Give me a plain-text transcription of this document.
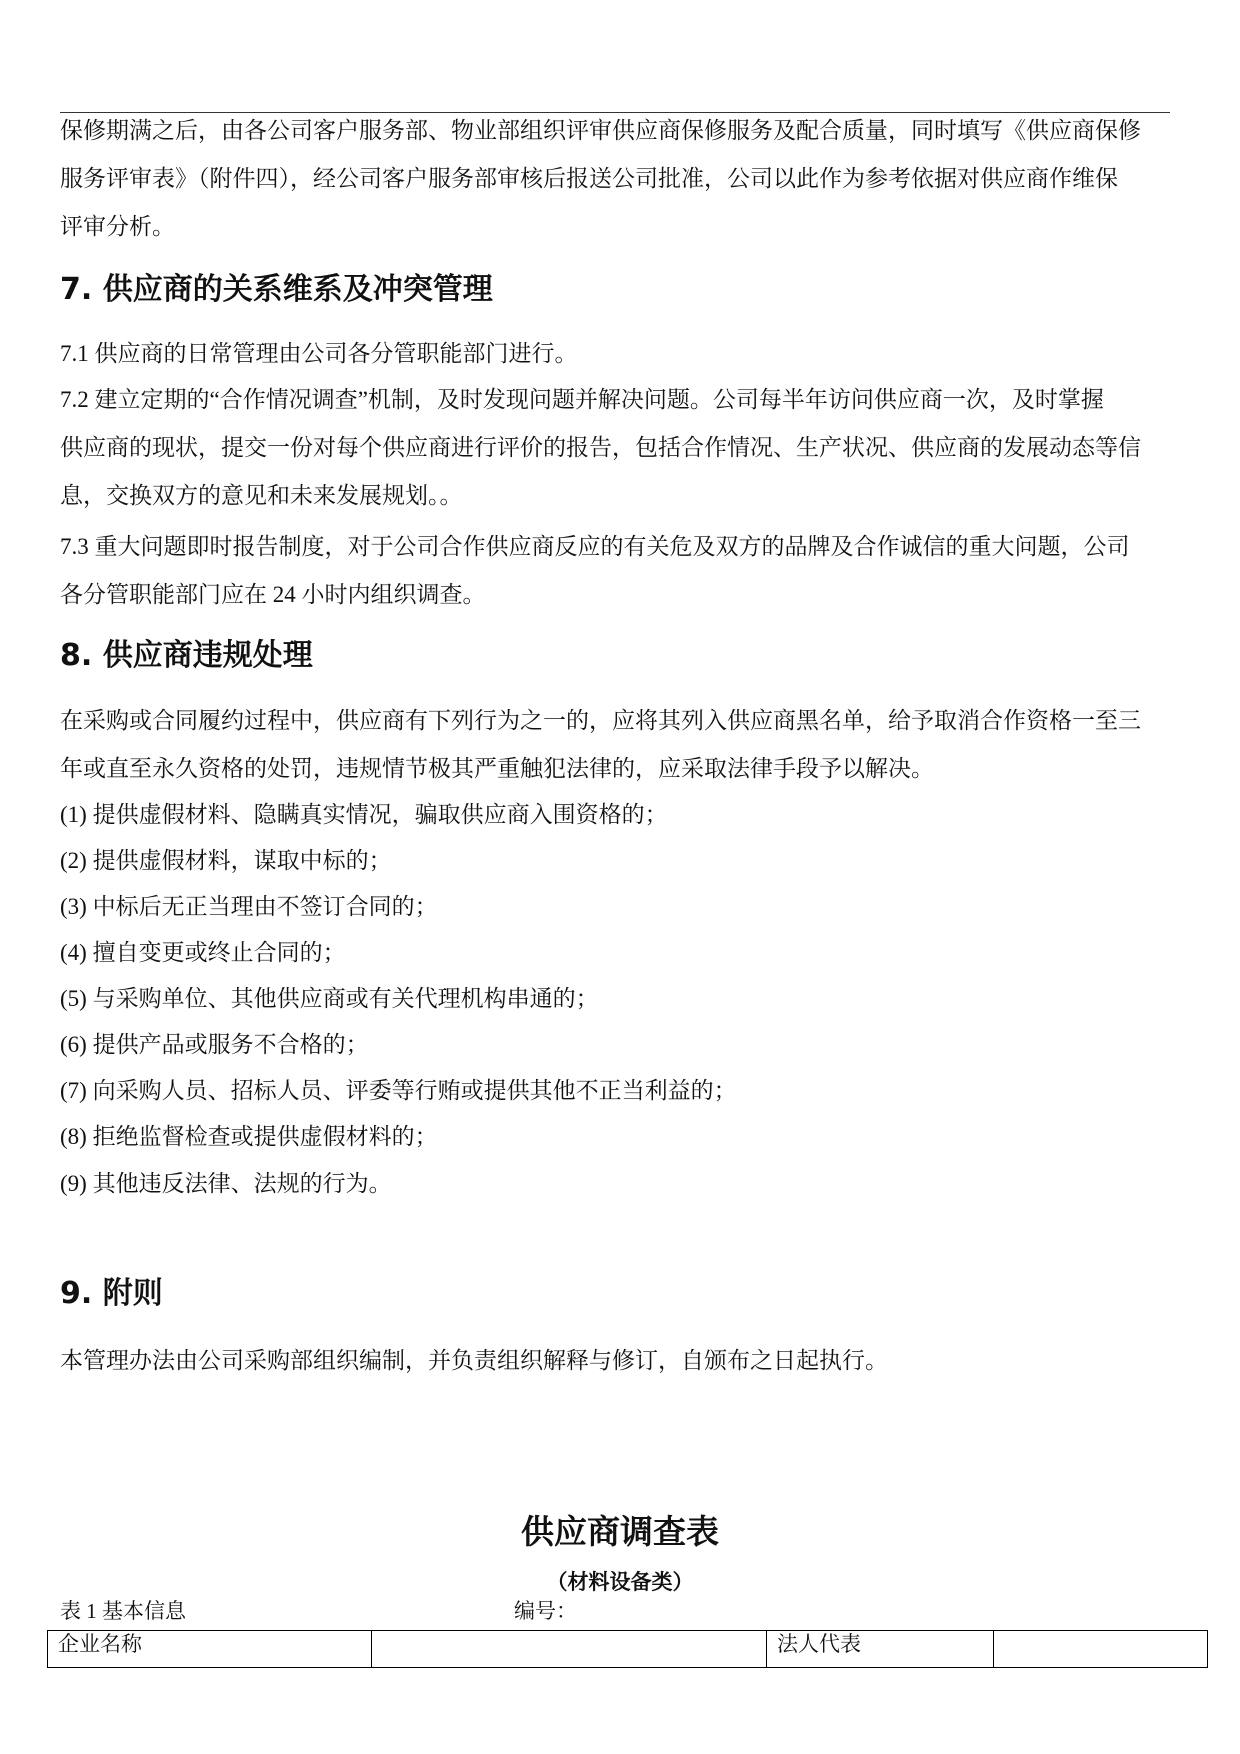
保修期满之后，由各公司客户服务部、物业部组织评审供应商保修服务及配合质量，同时填写《供应商保修
服务评审表》（附件四），经公司客户服务部审核后报送公司批准，公司以此作为参考依据对供应商作维保
评审分析。

7. 供应商的关系维系及冲突管理

7.1 供应商的日常管理由公司各分管职能部门进行。

7.2 建立定期的“合作情况调查”机制，及时发现问题并解决问题。公司每半年访问供应商一次，及时掌握
供应商的现状，提交一份对每个供应商进行评价的报告，包括合作情况、生产状况、供应商的发展动态等信
息，交换双方的意见和未来发展规划。。

7.3 重大问题即时报告制度，对于公司合作供应商反应的有关危及双方的品牌及合作诚信的重大问题，公司
各分管职能部门应在 24 小时内组织调查。

8. 供应商违规处理

在采购或合同履约过程中，供应商有下列行为之一的，应将其列入供应商黑名单，给予取消合作资格一至三
年或直至永久资格的处罚，违规情节极其严重触犯法律的，应采取法律手段予以解决。

(1) 提供虚假材料、隐瞒真实情况，骗取供应商入围资格的；

(2) 提供虚假材料，谋取中标的；

(3) 中标后无正当理由不签订合同的；

(4) 擅自变更或终止合同的；

(5) 与采购单位、其他供应商或有关代理机构串通的；

(6) 提供产品或服务不合格的；

(7) 向采购人员、招标人员、评委等行贿或提供其他不正当利益的；

(8) 拒绝监督检查或提供虚假材料的；

(9) 其他违反法律、法规的行为。

9. 附则

本管理办法由公司采购部组织编制，并负责组织解释与修订，自颁布之日起执行。

供应商调查表

（材料设备类）

表 1 基本信息	编号：

企业名称		法人代表	
